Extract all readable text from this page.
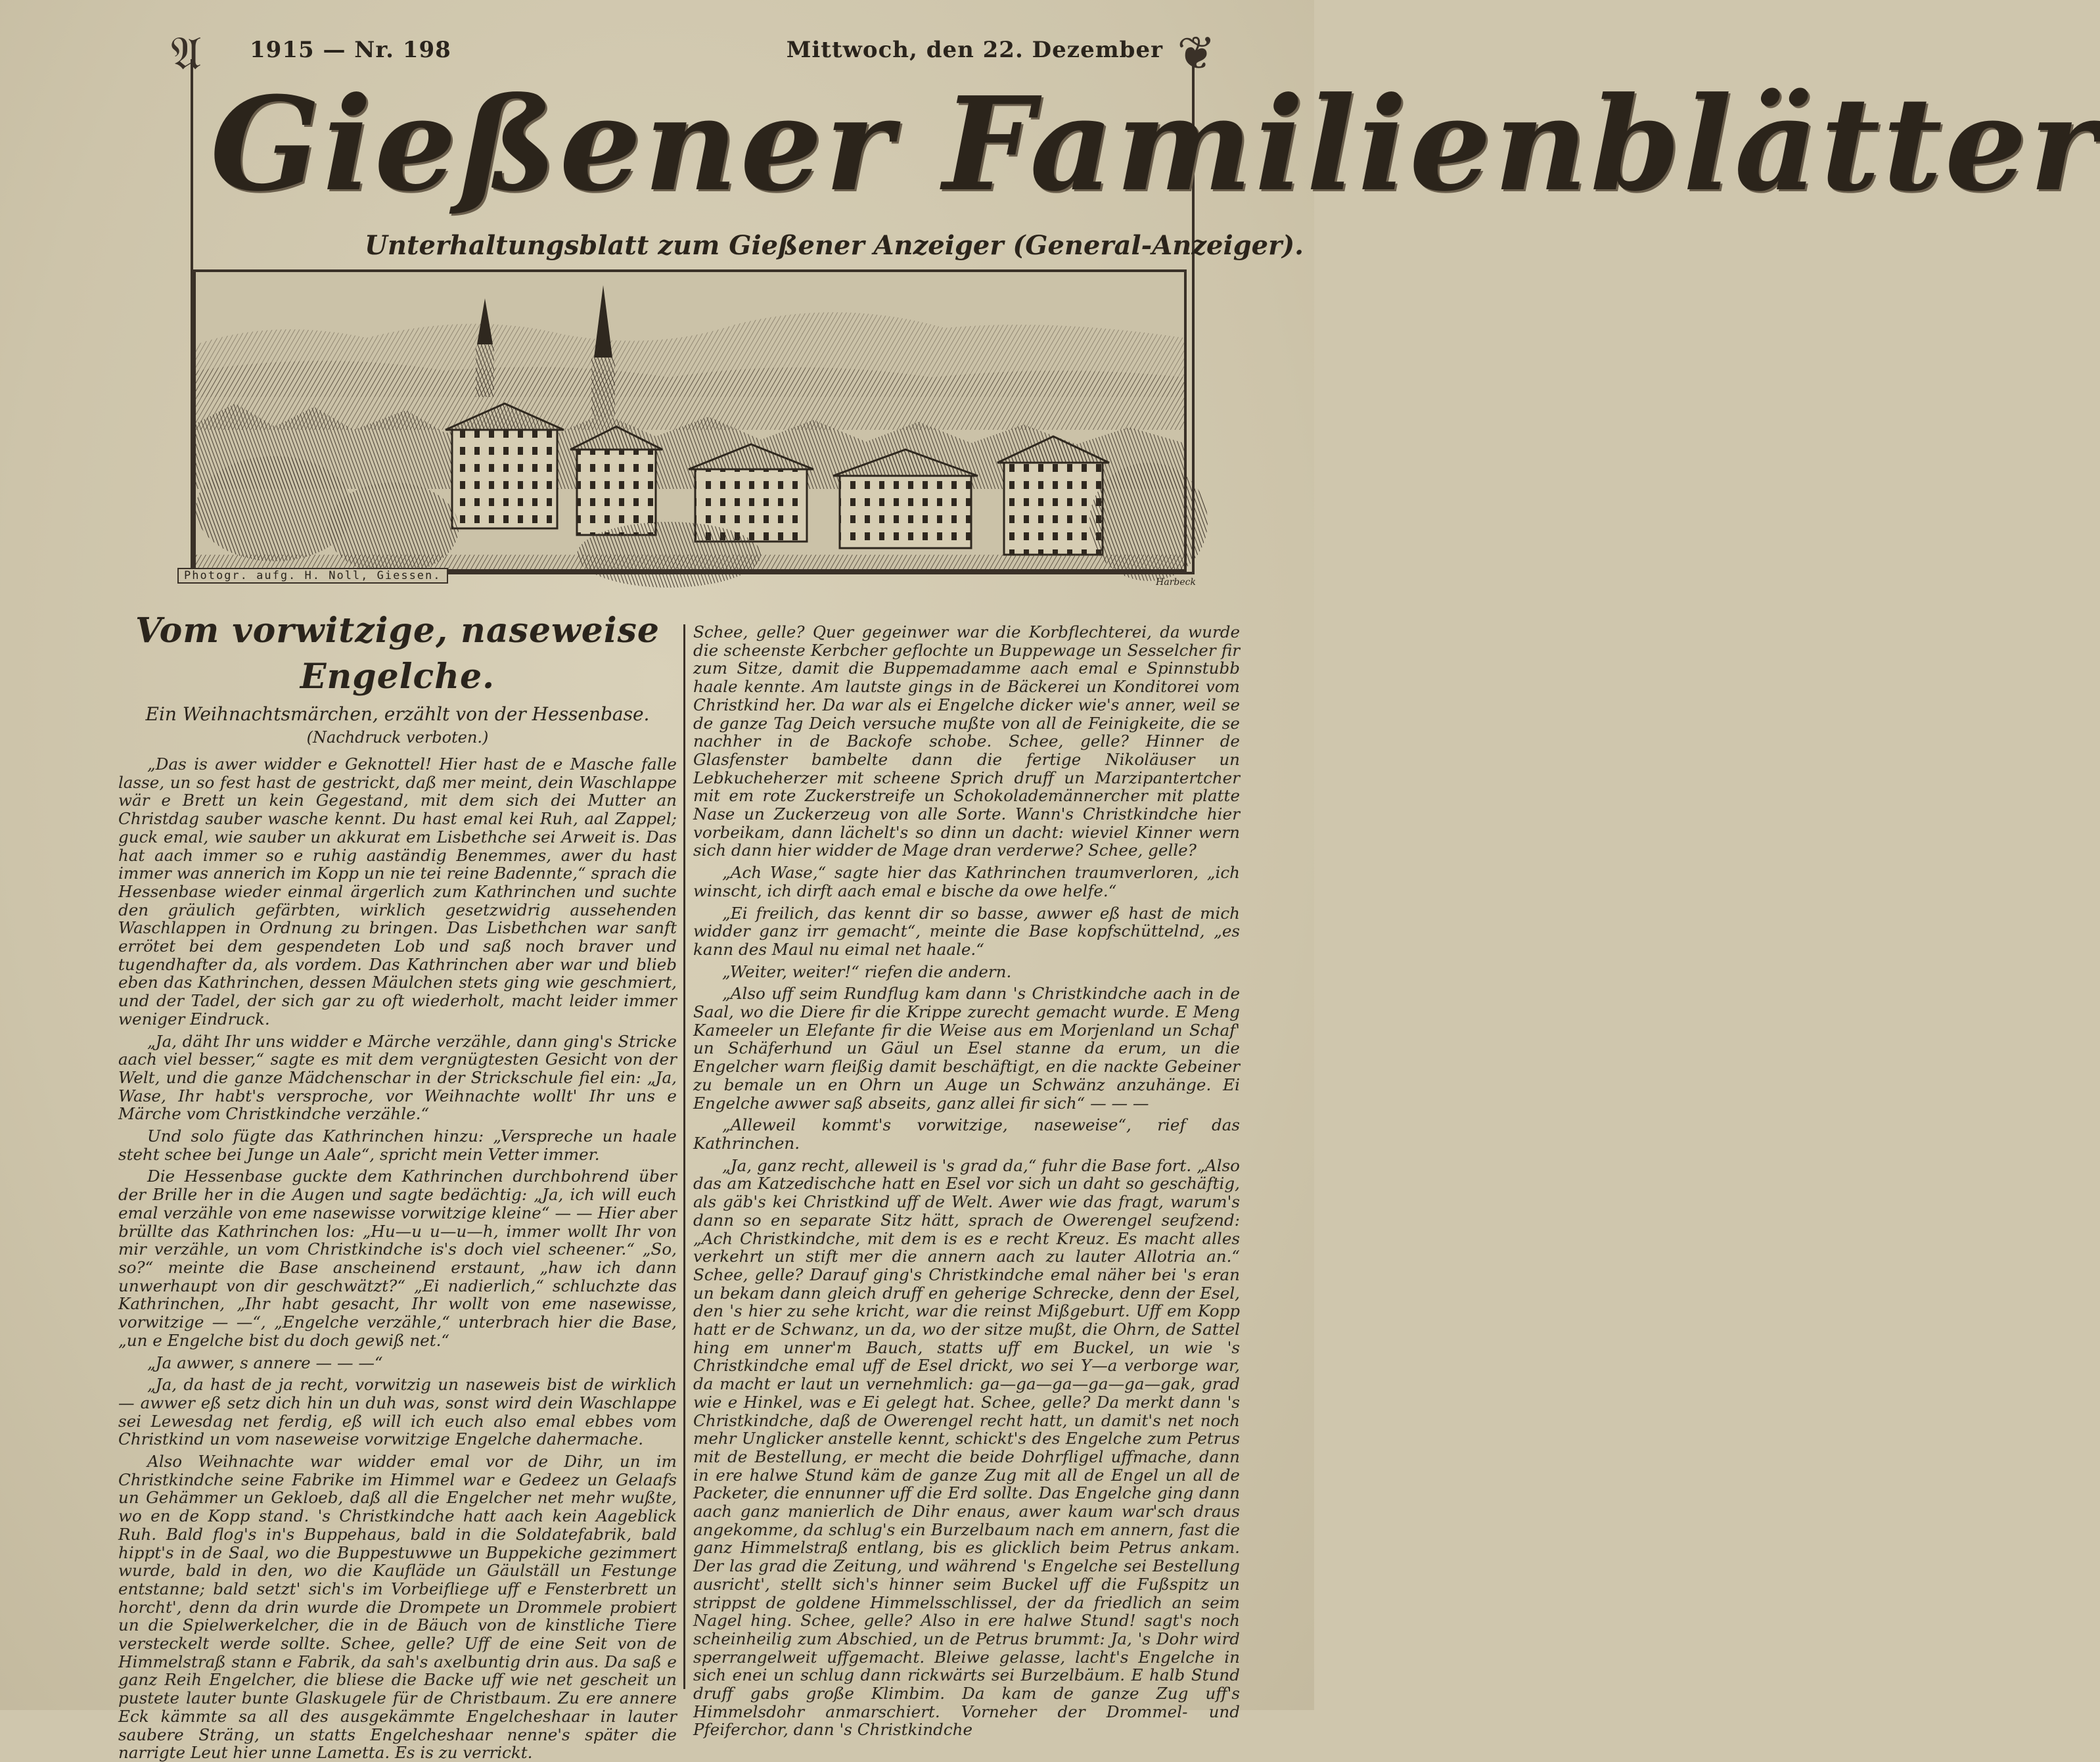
𝔄	❦
1915 — Nr. 198	Mittwoch, den 22. Dezember
Gießener Familienblätter
Unterhaltungsblatt zum Gießener Anzeiger (General-Anzeiger).
Photogr. aufg. H. Noll, Giessen.	Harbeck
Vom vorwitzige, naseweise Engelche.

Ein Weihnachtsmärchen, erzählt von der Hessenbase.

(Nachdruck verboten.)

„Das is awer widder e Geknottel! Hier hast de e Masche falle lasse, un so fest hast de gestrickt, daß mer meint, dein Waschlappe wär e Brett un kein Gegestand, mit dem sich dei Mutter an Christdag sauber wasche kennt. Du hast emal kei Ruh, aal Zappel; guck emal, wie sauber un akkurat em Lisbethche sei Arweit is. Das hat aach immer so e ruhig aaständig Benemmes, awer du hast immer was annerich im Kopp un nie tei reine Badennte,“ sprach die Hessenbase wieder einmal ärgerlich zum Kathrinchen und suchte den gräulich gefärbten, wirklich gesetzwidrig aussehenden Waschlappen in Ordnung zu bringen. Das Lisbethchen war sanft errötet bei dem gespendeten Lob und saß noch braver und tugendhafter da, als vordem. Das Kathrinchen aber war und blieb eben das Kathrinchen, dessen Mäulchen stets ging wie geschmiert, und der Tadel, der sich gar zu oft wiederholt, macht leider immer weniger Eindruck.

„Ja, däht Ihr uns widder e Märche verzähle, dann ging's Stricke aach viel besser,“ sagte es mit dem vergnügtesten Gesicht von der Welt, und die ganze Mädchenschar in der Strickschule fiel ein: „Ja, Wase, Ihr habt's versproche, vor Weihnachte wollt' Ihr uns e Märche vom Christkindche verzähle.“

Und solo fügte das Kathrinchen hinzu: „Verspreche un haale steht schee bei Junge un Aale“, spricht mein Vetter immer.

Die Hessenbase guckte dem Kathrinchen durchbohrend über der Brille her in die Augen und sagte bedächtig: „Ja, ich will euch emal verzähle von eme nasewisse vorwitzige kleine“ — — Hier aber brüllte das Kathrinchen los: „Hu—u u—u—h, immer wollt Ihr von mir verzähle, un vom Christkindche is's doch viel scheener.“ „So, so?“ meinte die Base anscheinend erstaunt, „haw ich dann unwerhaupt von dir geschwätzt?“ „Ei nadierlich,“ schluchzte das Kathrinchen, „Ihr habt gesacht, Ihr wollt von eme nasewisse, vorwitzige — —“, „Engelche verzähle,“ unterbrach hier die Base, „un e Engelche bist du doch gewiß net.“

„Ja awwer, s annere — — —“

„Ja, da hast de ja recht, vorwitzig un naseweis bist de wirklich — awwer eß setz dich hin un duh was, sonst wird dein Waschlappe sei Lewesdag net ferdig, eß will ich euch also emal ebbes vom Christkind un vom naseweise vorwitzige Engelche dahermache.

Also Weihnachte war widder emal vor de Dihr, un im Christkindche seine Fabrike im Himmel war e Gedeez un Gelaafs un Gehämmer un Gekloeb, daß all die Engelcher net mehr wußte, wo en de Kopp stand. 's Christkindche hatt aach kein Aageblick Ruh. Bald flog's in's Buppehaus, bald in die Soldatefabrik, bald hippt's in de Saal, wo die Buppestuwwe un Buppekiche gezimmert wurde, bald in den, wo die Kaufläde un Gäulställ un Festunge entstanne; bald setzt' sich's im Vorbeifliege uff e Fensterbrett un horcht', denn da drin wurde die Drompete un Drommele probiert un die Spielwerkelcher, die in de Bäuch von de kinstliche Tiere versteckelt werde sollte. Schee, gelle? Uff de eine Seit von de Himmelstraß stann e Fabrik, da sah's axelbuntig drin aus. Da saß e ganz Reih Engelcher, die bliese die Backe uff wie net gescheit un pustete lauter bunte Glaskugele für de Christbaum. Zu ere annere Eck kämmte sa all des ausgekämmte Engelcheshaar in lauter saubere Sträng, un statts Engelcheshaar nenne's später die narrigte Leut hier unne Lametta. Es is zu verrickt.

Schee, gelle? Quer gegeinwer war die Korbflechterei, da wurde die scheenste Kerbcher geflochte un Buppewage un Sesselcher fir zum Sitze, damit die Buppemadamme aach emal e Spinnstubb haale kennte. Am lautste gings in de Bäckerei un Konditorei vom Christkind her. Da war als ei Engelche dicker wie's anner, weil se de ganze Tag Deich versuche mußte von all de Feinigkeite, die se nachher in de Backofe schobe. Schee, gelle? Hinner de Glasfenster bambelte dann die fertige Nikoläuser un Lebkucheherzer mit scheene Sprich druff un Marzipantertcher mit em rote Zuckerstreife un Schokolademännercher mit platte Nase un Zuckerzeug von alle Sorte. Wann's Christkindche hier vorbeikam, dann lächelt's so dinn un dacht: wieviel Kinner wern sich dann hier widder de Mage dran verderwe? Schee, gelle?

„Ach Wase,“ sagte hier das Kathrinchen traumverloren, „ich winscht, ich dirft aach emal e bische da owe helfe.“

„Ei freilich, das kennt dir so basse, awwer eß hast de mich widder ganz irr gemacht“, meinte die Base kopfschüttelnd, „es kann des Maul nu eimal net haale.“

„Weiter, weiter!“ riefen die andern.

„Also uff seim Rundflug kam dann 's Christkindche aach in de Saal, wo die Diere fir die Krippe zurecht gemacht wurde. E Meng Kameeler un Elefante fir die Weise aus em Morjenland un Schaf' un Schäferhund un Gäul un Esel stanne da erum, un die Engelcher warn fleißig damit beschäftigt, en die nackte Gebeiner zu bemale un en Ohrn un Auge un Schwänz anzuhänge. Ei Engelche awwer saß abseits, ganz allei fir sich“ — — —

„Alleweil kommt's vorwitzige, naseweise“, rief das Kathrinchen.

„Ja, ganz recht, alleweil is 's grad da,“ fuhr die Base fort. „Also das am Katzedischche hatt en Esel vor sich un daht so geschäftig, als gäb's kei Christkind uff de Welt. Awer wie das fragt, warum's dann so en separate Sitz hätt, sprach de Owerengel seufzend: „Ach Christkindche, mit dem is es e recht Kreuz. Es macht alles verkehrt un stift mer die annern aach zu lauter Allotria an.“ Schee, gelle? Darauf ging's Christkindche emal näher bei 's eran un bekam dann gleich druff en geherige Schrecke, denn der Esel, den 's hier zu sehe kricht, war die reinst Mißgeburt. Uff em Kopp hatt er de Schwanz, un da, wo der sitze mußt, die Ohrn, de Sattel hing em unner'm Bauch, statts uff em Buckel, un wie 's Christkindche emal uff de Esel drickt, wo sei Y—a verborge war, da macht er laut un vernehmlich: ga—ga—ga—ga—ga—gak, grad wie e Hinkel, was e Ei gelegt hat. Schee, gelle? Da merkt dann 's Christkindche, daß de Owerengel recht hatt, un damit's net noch mehr Unglicker anstelle kennt, schickt's des Engelche zum Petrus mit de Bestellung, er mecht die beide Dohrfligel uffmache, dann in ere halwe Stund käm de ganze Zug mit all de Engel un all de Packeter, die ennunner uff die Erd sollte. Das Engelche ging dann aach ganz manierlich de Dihr enaus, awer kaum war'sch draus angekomme, da schlug's ein Burzelbaum nach em annern, fast die ganz Himmelstraß entlang, bis es glicklich beim Petrus ankam. Der las grad die Zeitung, und während 's Engelche sei Bestellung ausricht', stellt sich's hinner seim Buckel uff die Fußspitz un strippst de goldene Himmelsschlissel, der da friedlich an seim Nagel hing. Schee, gelle? Also in ere halwe Stund! sagt's noch scheinheilig zum Abschied, un de Petrus brummt: Ja, 's Dohr wird sperrangelweit uffgemacht. Bleiwe gelasse, lacht's Engelche in sich enei un schlug dann rickwärts sei Burzelbäum. E halb Stund druff gabs große Klimbim. Da kam de ganze Zug uff's Himmelsdohr anmarschiert. Vorneher der Drommel- und Pfeiferchor, dann 's Christkindche
